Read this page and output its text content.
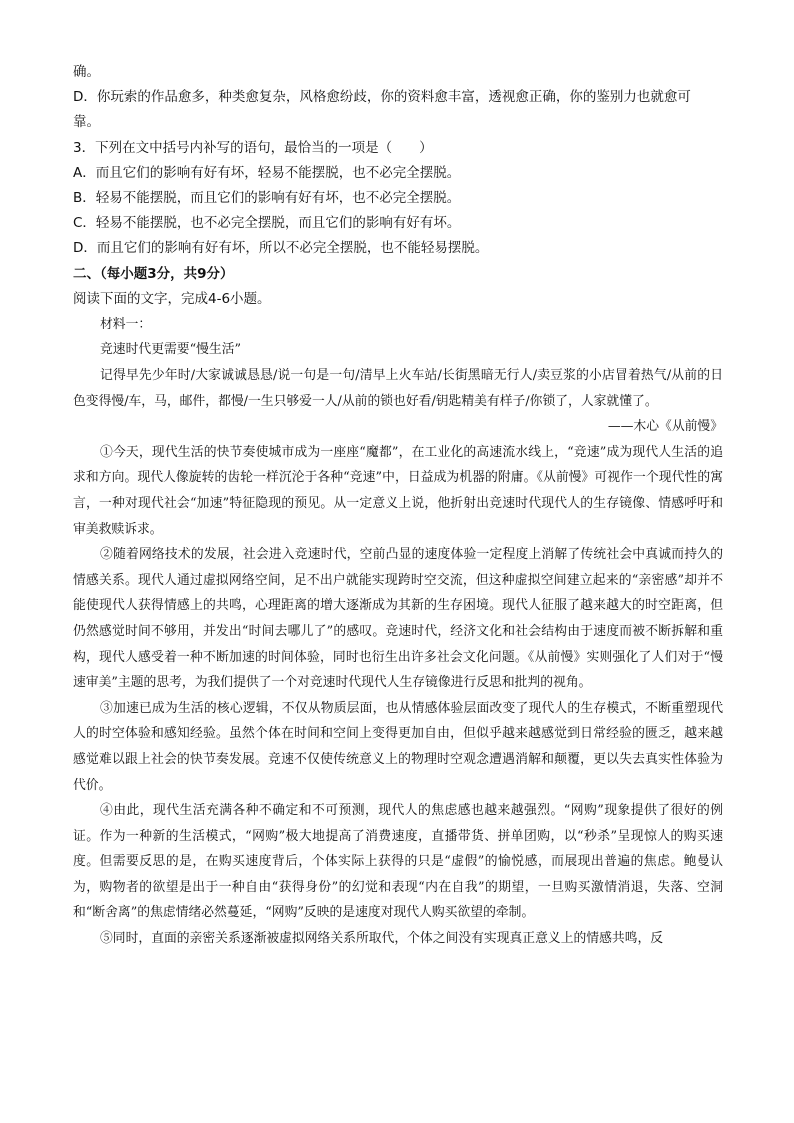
确。
D．你玩索的作品愈多，种类愈复杂，风格愈纷歧，你的资料愈丰富，透视愈正确，你的鉴别力也就愈可
靠。
3．下列在文中括号内补写的语句，最恰当的一项是（　　）
A．而且它们的影响有好有坏，轻易不能摆脱，也不必完全摆脱。
B．轻易不能摆脱，而且它们的影响有好有坏，也不必完全摆脱。
C．轻易不能摆脱，也不必完全摆脱，而且它们的影响有好有坏。
D．而且它们的影响有好有坏，所以不必完全摆脱，也不能轻易摆脱。
二、（每小题3分，共9分）
阅读下面的文字，完成4-6小题。
材料一：
竞速时代更需要“慢生活”
记得早先少年时/大家诚诚恳恳/说一句是一句/清早上火车站/长街黑暗无行人/卖豆浆的小店冒着热气/从前的日色变得慢/车，马，邮件，都慢/一生只够爱一人/从前的锁也好看/钥匙精美有样子/你锁了，人家就懂了。
——木心《从前慢》
①今天，现代生活的快节奏使城市成为一座座“魔都”，在工业化的高速流水线上，“竞速”成为现代人生活的追求和方向。现代人像旋转的齿轮一样沉沦于各种“竞速”中，日益成为机器的附庸。《从前慢》可视作一个现代性的寓言，一种对现代社会“加速”特征隐现的预见。从一定意义上说，他折射出竞速时代现代人的生存镜像、情感呼吁和审美救赎诉求。
②随着网络技术的发展，社会进入竞速时代，空前凸显的速度体验一定程度上消解了传统社会中真诚而持久的情感关系。现代人通过虚拟网络空间，足不出户就能实现跨时空交流，但这种虚拟空间建立起来的“亲密感”却并不能使现代人获得情感上的共鸣，心理距离的增大逐渐成为其新的生存困境。现代人征服了越来越大的时空距离，但仍然感觉时间不够用，并发出“时间去哪儿了”的感叹。竞速时代，经济文化和社会结构由于速度而被不断拆解和重构，现代人感受着一种不断加速的时间体验，同时也衍生出许多社会文化问题。《从前慢》实则强化了人们对于“慢速审美”主题的思考，为我们提供了一个对竞速时代现代人生存镜像进行反思和批判的视角。
③加速已成为生活的核心逻辑，不仅从物质层面，也从情感体验层面改变了现代人的生存模式，不断重塑现代人的时空体验和感知经验。虽然个体在时间和空间上变得更加自由，但似乎越来越感觉到日常经验的匮乏，越来越感觉难以跟上社会的快节奏发展。竞速不仅使传统意义上的物理时空观念遭遇消解和颠覆，更以失去真实性体验为代价。
④由此，现代生活充满各种不确定和不可预测，现代人的焦虑感也越来越强烈。“网购”现象提供了很好的例证。作为一种新的生活模式，“网购”极大地提高了消费速度，直播带货、拼单团购，以“秒杀”呈现惊人的购买速度。但需要反思的是，在购买速度背后，个体实际上获得的只是“虚假”的愉悦感，而展现出普遍的焦虑。鲍曼认为，购物者的欲望是出于一种自由“获得身份”的幻觉和表现“内在自我”的期望，一旦购买激情消退，失落、空洞和“断舍离”的焦虑情绪必然蔓延，“网购”反映的是速度对现代人购买欲望的牵制。
⑤同时，直面的亲密关系逐渐被虚拟网络关系所取代，个体之间没有实现真正意义上的情感共鸣，反
